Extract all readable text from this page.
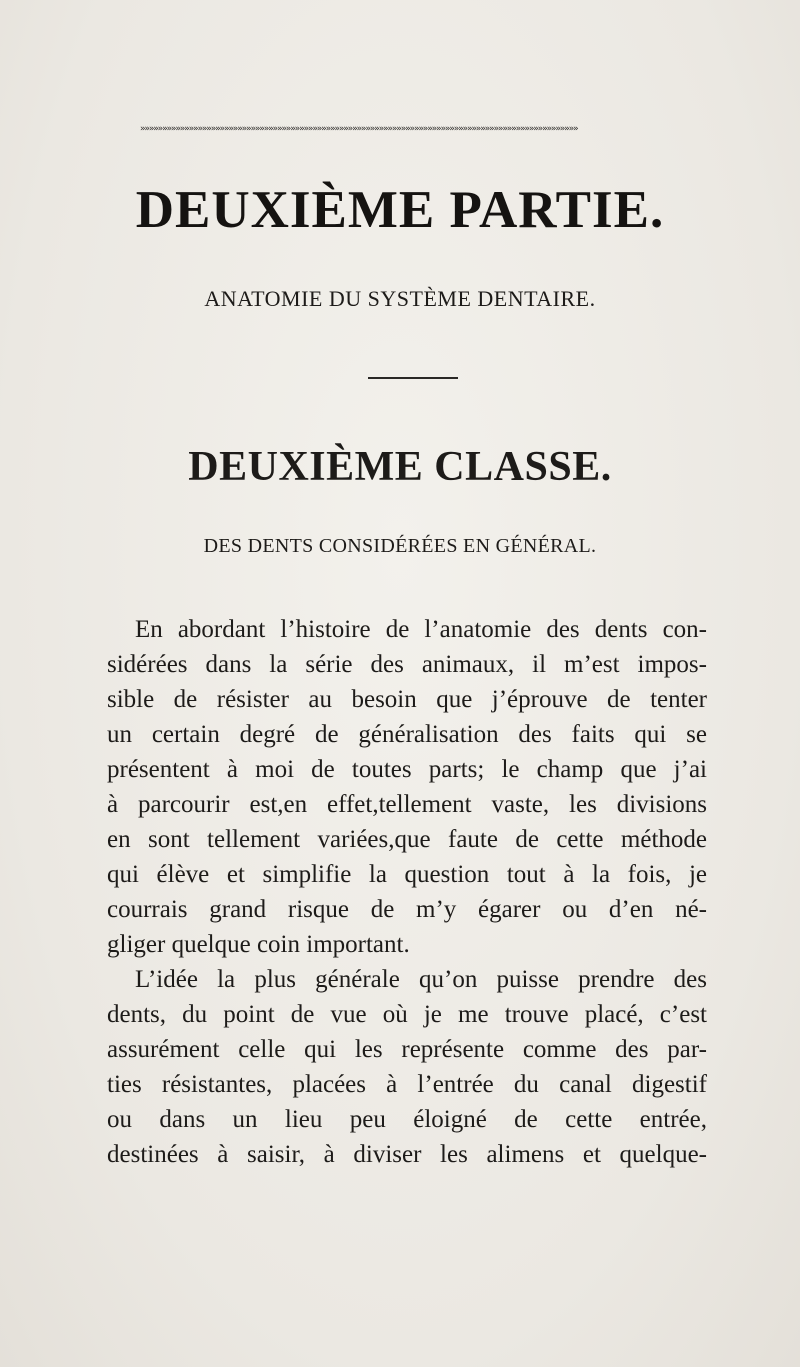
»»»»»»»»»»»»»»»»»»»»»»»»»»»»»»»»»»»»»»»»»»»»»»»»»»»»»»»»»»»»»»»»»»»»»»»»»»»»»»»»»»»»»»»»»»»»»»»»»»»
DEUXIÈME PARTIE.
ANATOMIE DU SYSTÈME DENTAIRE.
DEUXIÈME CLASSE.
DES DENTS CONSIDÉRÉES EN GÉNÉRAL.
En abordant l’histoire de l’anatomie des dents con-
sidérées dans la série des animaux, il m’est impos-
sible de résister au besoin que j’éprouve de tenter
un certain degré de généralisation des faits qui se
présentent à moi de toutes parts; le champ que j’ai
à parcourir est,en effet,tellement vaste, les divisions
en sont tellement variées,que faute de cette méthode
qui élève et simplifie la question tout à la fois, je
courrais grand risque de m’y égarer ou d’en né-
gliger quelque coin important.
L’idée la plus générale qu’on puisse prendre des
dents, du point de vue où je me trouve placé, c’est
assurément celle qui les représente comme des par-
ties résistantes, placées à l’entrée du canal digestif
ou dans un lieu peu éloigné de cette entrée,
destinées à saisir, à diviser les alimens et quelque-
